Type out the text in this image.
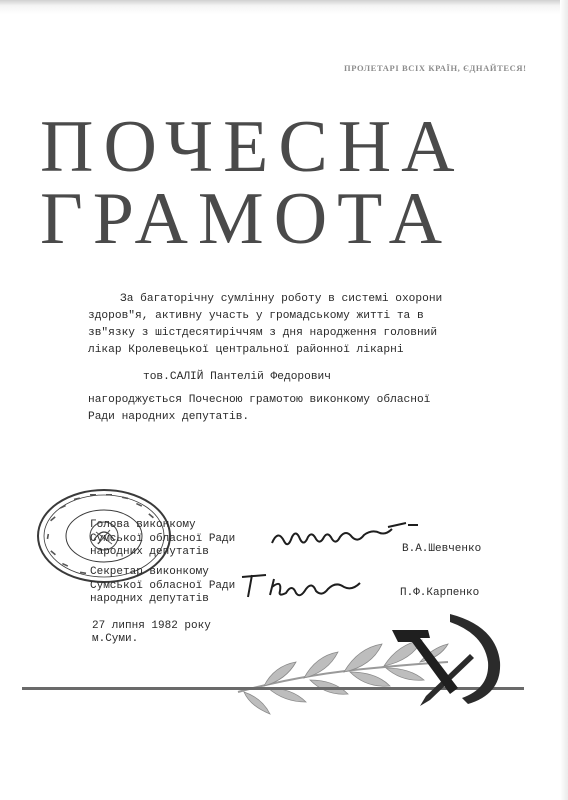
ПРОЛЕТАРІ ВСІХ КРАЇН, ЄДНАЙТЕСЯ!
ПОЧЕСНА
ГРАМОТА
За багаторічну сумлінну роботу в системі охорони
здоров"я, активну участь у громадському житті та в
зв"язку з шістдесятиріччям з дня народження головний
лікар Кролевецької центральної районної лікарні
тов.САЛІЙ Пантелій Федорович
нагороджується Почесною грамотою виконкому обласної
Ради народних депутатів.
Голова виконкому
Сумської обласної Ради
народних депутатів	В.А.Шевченко
Секретар виконкому
Сумської обласної Ради
народних депутатів	П.Ф.Карпенко
27 липня 1982 року
м.Суми.
